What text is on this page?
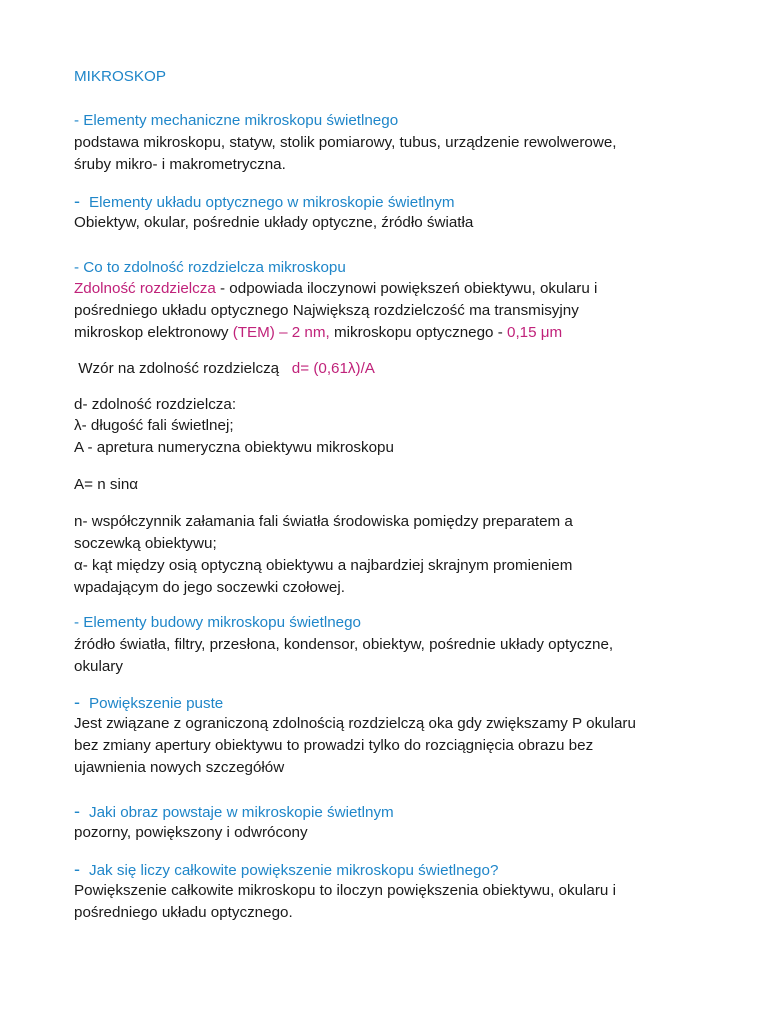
MIKROSKOP

- Elementy mechaniczne mikroskopu świetlnego

podstawa mikroskopu, statyw, stolik pomiarowy, tubus, urządzenie rewolwerowe,

śruby mikro- i makrometryczna.

- Elementy układu optycznego w mikroskopie świetlnym

Obiektyw, okular, pośrednie układy optyczne, źródło światła

- Co to zdolność rozdzielcza mikroskopu

Zdolność rozdzielcza - odpowiada iloczynowi powiększeń obiektywu, okularu i

pośredniego układu optycznego Największą rozdzielczość ma transmisyjny

mikroskop elektronowy (TEM) – 2 nm, mikroskopu optycznego - 0,15 μm

Wzór na zdolność rozdzielczą   d= (0,61λ)/A

d- zdolność rozdzielcza:

λ- długość fali świetlnej;

A - apretura numeryczna obiektywu mikroskopu

A= n sinα

n- współczynnik załamania fali światła środowiska pomiędzy preparatem a

soczewką obiektywu;

α- kąt między osią optyczną obiektywu a najbardziej skrajnym promieniem

wpadającym do jego soczewki czołowej.

- Elementy budowy mikroskopu świetlnego

źródło światła, filtry, przesłona, kondensor, obiektyw, pośrednie układy optyczne,

okulary

- Powiększenie puste

Jest związane z ograniczoną zdolnością rozdzielczą oka gdy zwiększamy P okularu

bez zmiany apertury obiektywu to prowadzi tylko do rozciągnięcia obrazu bez

ujawnienia nowych szczegółów

- Jaki obraz powstaje w mikroskopie świetlnym

pozorny, powiększony i odwrócony

- Jak się liczy całkowite powiększenie mikroskopu świetlnego?

Powiększenie całkowite mikroskopu to iloczyn powiększenia obiektywu, okularu i

pośredniego układu optycznego.
